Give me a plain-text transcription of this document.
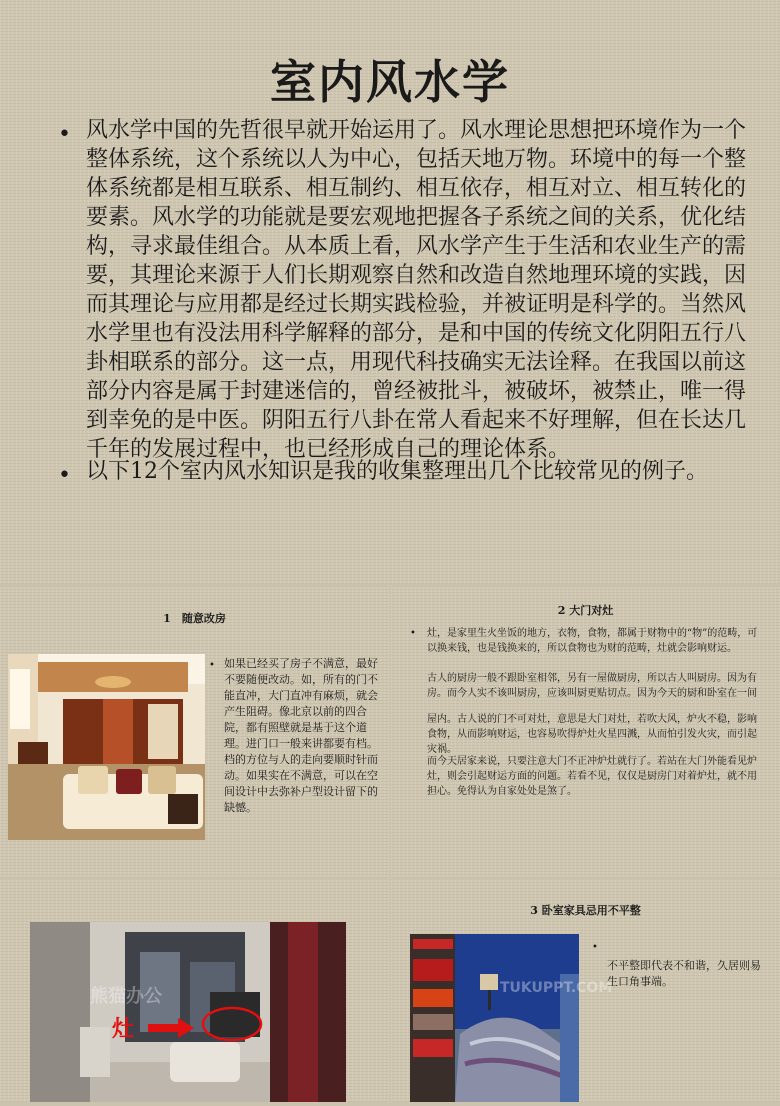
室内风水学
• 风水学中国的先哲很早就开始运用了。风水理论思想把环境作为一个整体系统，这个系统以人为中心，包括天地万物。环境中的每一个整体系统都是相互联系、相互制约、相互依存，相互对立、相互转化的要素。风水学的功能就是要宏观地把握各子系统之间的关系，优化结构，寻求最佳组合。从本质上看，风水学产生于生活和农业生产的需要，其理论来源于人们长期观察自然和改造自然地理环境的实践，因而其理论与应用都是经过长期实践检验，并被证明是科学的。当然风水学里也有没法用科学解释的部分，是和中国的传统文化阴阳五行八卦相联系的部分。这一点，用现代科技确实无法诠释。在我国以前这部分内容是属于封建迷信的，曾经被批斗，被破坏，被禁止，唯一得到幸免的是中医。阴阳五行八卦在常人看起来不好理解，但在长达几千年的发展过程中，也已经形成自己的理论体系。

• 以下12个室内风水知识是我的收集整理出几个比较常见的例子。

1　随意改房
• 如果已经买了房子不满意，最好不要随便改动。如，所有的门不能直冲，大门直冲有麻烦，就会产生阻碍。像北京以前的四合院，都有照壁就是基于这个道理。进门口一般来讲都要有档。档的方位与人的走向要顺时针而动。如果实在不满意，可以在空间设计中去弥补户型设计留下的缺憾。

2 大门对灶
• 灶，是家里生火坐饭的地方，衣物，食物，都属于财物中的“物”的范畴，可以换来钱，也是钱换来的，所以食物也为财的范畴，灶就会影响财运。

古人的厨房一般不跟卧室相邻，另有一屋做厨房，所以古人叫厨房。因为有房。而今人实不该叫厨房，应该叫厨更贴切点。因为今天的厨和卧室在一间

屋内。古人说的门不可对灶，意思是大门对灶，若吹大风，炉火不稳，影响食物，从而影响财运，也容易吹得炉灶火星四溅，从而怕引发火灾，而引起灾祸。

而今天居家来说，只要注意大门不正冲炉灶就行了。若站在大门外能看见炉灶，则会引起财运方面的问题。若看不见，仅仅是厨房门对着炉灶，就不用担心。免得认为自家处处是煞了。

熊猫办公
灶
3 卧室家具忌用不平整
TUKUPPT.COM
•

不平整即代表不和谐，久居则易生口角事端。
